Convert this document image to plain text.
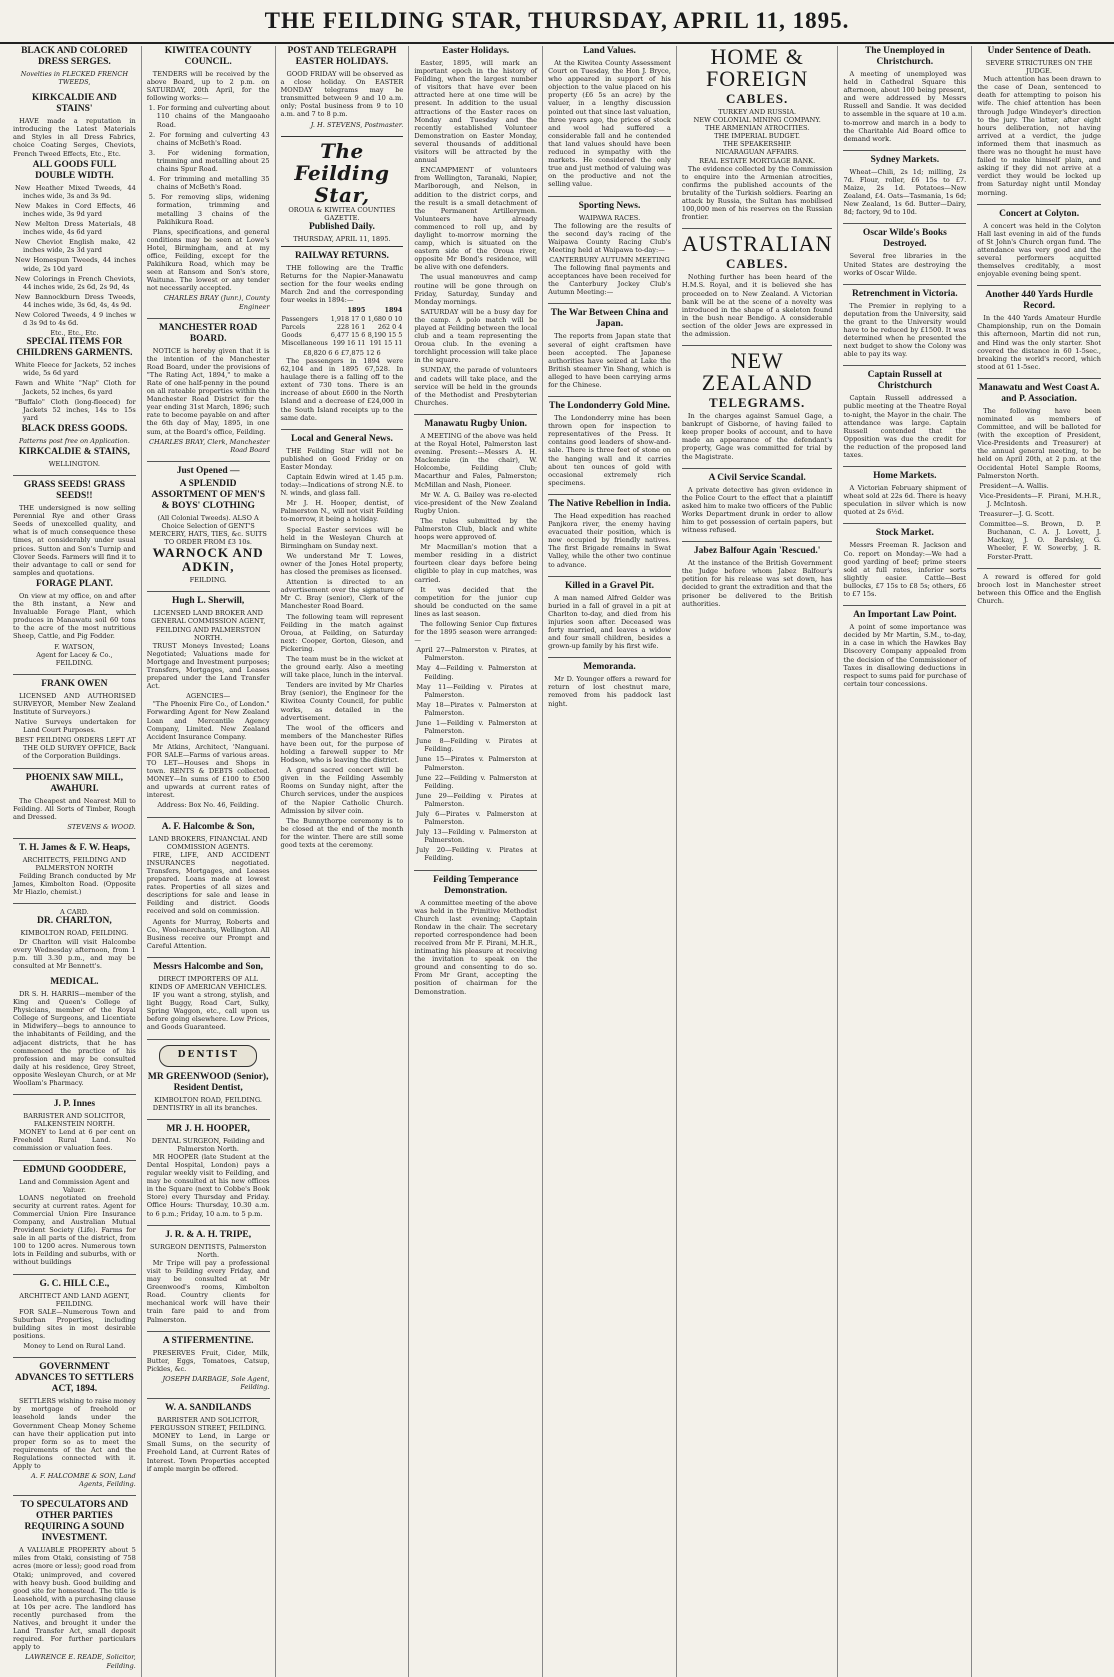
THE FEILDING STAR, THURSDAY, APRIL 11, 1895.
BLACK AND COLORED DRESS SERGES.
Novelties in FLECKED FRENCH TWEEDS,
KIRKCALDIE AND STAINS'

HAVE made a reputation in introducing the Latest Materials and Styles in all Dress Fabrics, choice Coating Serges, Cheviots, French Tweed Effects, Etc., Etc.

ALL GOODS FULL DOUBLE WIDTH.
New Heather Mixed Tweeds, 44 inches wide, 3s and 3s 9d.
New Makes in Cord Effects, 46 inches wide, 3s 9d yard
New Melton Dress Materials, 48 inches wide, 4s 6d yard
New Cheviot English make, 42 inches wide, 2s 3d yard
New Homespun Tweeds, 44 inches wide, 2s 10d yard
New Colorings in French Cheviots, 44 inches wide, 2s 6d, 2s 9d, 4s
New Bannockburn Dress Tweeds, 44 inches wide, 3s 6d, 4s, 4s 9d.
New Colored Tweeds, 4 9 inches w d 3s 9d to 4s 6d.
Etc., Etc., Etc.
SPECIAL ITEMS FOR CHILDRENS GARMENTS.
White Fleece for Jackets, 52 inches wide, 5s 6d yard
Fawn and White "Nap" Cloth for Jackets, 52 inches, 6s yard
"Buffalo" Cloth (long-fleeced) for Jackets 52 inches, 14s to 15s yard
BLACK DRESS GOODS.
Patterns post free on Application.
KIRKCALDIE & STAINS,
WELLINGTON.
GRASS SEEDS! GRASS SEEDS!!

THE undersigned is now selling Perennial Rye and other Grass Seeds of unexcelled quality, and what is of much consequence these times, at considerably under usual prices. Sutton and Son's Turnip and Clover Seeds. Farmers will find it to their advantage to call or send for samples and quotations.

FORAGE PLANT.

On view at my office, on and after the 8th instant, a New and Invaluable Forage Plant, which produces in Manawatu soil 60 tons to the acre of the most nutritious Sheep, Cattle, and Pig Fodder.

F. WATSON,
Agent for Lacey & Co.,
FEILDING.
FRANK OWEN

LICENSED AND AUTHORISED SURVEYOR, Member New Zealand Institute of Surveyors.)

Native Surveys undertaken for Land Court Purposes.
BEST FEILDING ORDERS LEFT AT THE OLD SURVEY OFFICE, Back of the Corporation Buildings.
PHOENIX SAW MILL, AWAHURI.

The Cheapest and Nearest Mill to Feilding. All Sorts of Timber, Rough and Dressed.

STEVENS & WOOD.
T. H. James & F. W. Heaps,
ARCHITECTS, FEILDING AND PALMERSTON NORTH

Feilding Branch conducted by Mr James, Kimbolton Road. (Opposite Mr Hiazlo, chemist.)

A CARD.
DR. CHARLTON,
KIMBOLTON ROAD, FEILDING.

Dr Charlton will visit Halcombe every Wednesday afternoon, from 1 p.m. till 3.30 p.m., and may be consulted at Mr Bennett's.

MEDICAL.

DR S. H. HARRIS—member of the King and Queen's College of Physicians, member of the Royal College of Surgeons, and Licentiate in Midwifery—begs to announce to the inhabitants of Feilding, and the adjacent districts, that he has commenced the practice of his profession and may be consulted daily at his residence, Grey Street, opposite Wesleyan Church, or at Mr Woollam's Pharmacy.

J. P. Innes
BARRISTER AND SOLICITOR, FALKENSTEIN NORTH.

MONEY to Lend at 6 per cent on Freehold Rural Land. No commission or valuation fees.

EDMUND GOODDERE,
Land and Commission Agent and Valuer.

LOANS negotiated on freehold security at current rates. Agent for Commercial Union Fire Insurance Company, and Australian Mutual Provident Society (Life). Farms for sale in all parts of the district, from 100 to 1200 acres. Numerous town lots in Feilding and suburbs, with or without buildings

G. C. HILL C.E.,
ARCHITECT AND LAND AGENT, FEILDING.

FOR SALE—Numerous Town and Suburban Properties, including building sites in most desirable positions.

Money to Lend on Rural Land.
GOVERNMENT ADVANCES TO SETTLERS ACT, 1894.

SETTLERS wishing to raise money by mortgage of freehold or leasehold lands under the Government Cheap Money Scheme can have their application put into proper form so as to meet the requirements of the Act and the Regulations connected with it. Apply to

A. F. HALCOMBE & SON, Land Agents, Feilding.
TO SPECULATORS AND OTHER PARTIES REQUIRING A SOUND INVESTMENT.

A VALUABLE PROPERTY about 5 miles from Otaki, consisting of 758 acres (more or less); good road from Otaki; unimproved, and covered with heavy bush. Good building and good site for homestead. The title is Leasehold, with a purchasing clause at 10s per acre. The landlord has recently purchased from the Natives, and brought it under the Land Transfer Act, small deposit required. For further particulars apply to

LAWRENCE E. READE, Solicitor, Feilding.
KIWITEA COUNTY COUNCIL.

TENDERS will be received by the above Board, up to 2 p.m. on SATURDAY, 20th April, for the following works:—

1. For forming and culverting about 110 chains of the Mangaoaho Road.
2. For forming and culverting 43 chains of McBeth's Road.
3. For widening formation, trimming and metalling about 25 chains Spur Road.
4. For trimming and metalling 35 chains of McBeth's Road.
5. For removing slips, widening formation, trimming and metalling 3 chains of the Pakihikura Road.

Plans, specifications, and general conditions may be seen at Lowe's Hotel, Birmingham, and at my office, Feilding, except for the Pakihikura Road, which may be seen at Ransom and Son's store, Waituna. The lowest or any tender not necessarily accepted.

CHARLES BRAY (Junr.), County Engineer
MANCHESTER ROAD BOARD.

NOTICE is hereby given that it is the intention of the Manchester Road Board, under the provisions of "The Rating Act, 1894," to make a Rate of one half-penny in the pound on all rateable properties within the Manchester Road District for the year ending 31st March, 1896; such rate to become payable on and after the 6th day of May, 1895, in one sum, at the Board's office, Feilding.

CHARLES BRAY, Clerk, Manchester Road Board
Just Opened —
A SPLENDID ASSORTMENT OF MEN'S & BOYS' CLOTHING
(All Colonial Tweeds). ALSO A Choice Selection of GENT'S MERCERY, HATS, TIES, &c. SUITS TO ORDER FROM £3 10s.
WARNOCK AND ADKIN,
FEILDING.
Hugh L. Sherwill,
LICENSED LAND BROKER AND GENERAL COMMISSION AGENT, FEILDING AND PALMERSTON NORTH.

TRUST Moneys Invested; Loans Negotiated; Valuations made for Mortgage and Investment purposes; Transfers, Mortgages, and Leases prepared under the Land Transfer Act.

AGENCIES—

"The Phoenix Fire Co., of London." Forwarding Agent for New Zealand Loan and Mercantile Agency Company, Limited. New Zealand Accident Insurance Company.

Mr Atkins, Architect, 'Nanguani. FOR SALE—Farms of various areas. TO LET—Houses and Shops in town. RENTS & DEBTS collected. MONEY—In sums of £100 to £500 and upwards at current rates of interest.

Address: Box No. 46, Feilding.
A. F. Halcombe & Son,
LAND BROKERS, FINANCIAL AND COMMISSION AGENTS.

FIRE, LIFE, AND ACCIDENT INSURANCES negotiated. Transfers, Mortgages, and Leases prepared. Loans made at lowest rates. Properties of all sizes and descriptions for sale and lease in Feilding and district. Goods received and sold on commission.

Agents for Murray, Roberts and Co., Wool-merchants, Wellington. All Business receive our Prompt and Careful Attention.

Messrs Halcombe and Son,
DIRECT IMPORTERS OF ALL KINDS OF AMERICAN VEHICLES.

IF you want a strong, stylish, and light Buggy, Road Cart, Sulky, Spring Waggon, etc., call upon us before going elsewhere. Low Prices, and Goods Guaranteed.

DENTIST
MR GREENWOOD (Senior), Resident Dentist,
KIMBOLTON ROAD, FEILDING.

DENTISTRY in all its branches.

MR J. H. HOOPER,
DENTAL SURGEON, Feilding and Palmerston North.

MR HOOPER (late Student at the Dental Hospital, London) pays a regular weekly visit to Feilding, and may be consulted at his new offices in the Square (next to Cobbe's Book Store) every Thursday and Friday. Office Hours: Thursday, 10.30 a.m. to 6 p.m.; Friday, 10 a.m. to 5 p.m.

J. R. & A. H. TRIPE,
SURGEON DENTISTS, Palmerston North.

Mr Tripe will pay a professional visit to Feilding every Friday, and may be consulted at Mr Greenwood's rooms, Kimbolton Road. Country clients for mechanical work will have their train fare paid to and from Palmerston.

A STIFERMENTINE.

PRESERVES Fruit, Cider, Milk, Butter, Eggs, Tomatoes, Catsup, Pickles, &c.

JOSEPH DARBAGE, Sole Agent, Feilding.
W. A. SANDILANDS
BARRISTER AND SOLICITOR, FERGUSSON STREET, FEILDING.

MONEY to Lend, in Large or Small Sums, on the security of Freehold Land, at Current Rates of Interest. Town Properties accepted if ample margin be offered.

POST AND TELEGRAPH EASTER HOLIDAYS.

GOOD FRIDAY will be observed as a close holiday. On EASTER MONDAY telegrams may be transmitted between 9 and 10 a.m. only; Postal business from 9 to 10 a.m. and 7 to 8 p.m.

J. H. STEVENS, Postmaster.
The Feilding Star,
OROUA & KIWITEA COUNTIES GAZETTE.
Published Daily.
THURSDAY, APRIL 11, 1895.
RAILWAY RETURNS.

THE following are the Traffic Returns for the Napier-Manawatu section for the four weeks ending March 2nd and the corresponding four weeks in 1894:—

	1895	1894
Passengers	1,918 17 0	1,680 0 10
Parcels	228 16 1	262 0 4
Goods	6,477 15 6	8,190 15 5
Miscellaneous	199 16 11	191 15 11
£8,820 6 6 £7,875 12 6

The passengers in 1894 were 62,104 and in 1895 67,528. In haulage there is a falling off to the extent of 730 tons. There is an increase of about £600 in the North Island and a decrease of £24,000 in the South Island receipts up to the same date.

Local and General News.

THE Feilding Star will not be published on Good Friday or on Easter Monday.

Captain Edwin wired at 1.45 p.m. today:—Indications of strong N.E. to N. winds, and glass fall.

Mr J. H. Hooper, dentist, of Palmerston N., will not visit Feilding to-morrow, it being a holiday.

Special Easter services will be held in the Wesleyan Church at Birmingham on Sunday next.

We understand Mr T. Lowes, owner of the Jones Hotel property, has closed the premises as licensed.

Attention is directed to an advertisement over the signature of Mr C. Bray (senior), Clerk of the Manchester Road Board.

The following team will represent Feilding in the match against Oroua, at Feilding, on Saturday next: Cooper, Gorton, Gieson, and Pickering.

The team must be in the wicket at the ground early. Also a meeting will take place, lunch in the interval.

Tenders are invited by Mr Charles Bray (senior), the Engineer for the Kiwitea County Council, for public works, as detailed in the advertisement.

The wool of the officers and members of the Manchester Rifles have been out, for the purpose of holding a farewell supper to Mr Hodson, who is leaving the district.

A grand sacred concert will be given in the Feilding Assembly Rooms on Sunday night, after the Church services, under the auspices of the Napier Catholic Church. Admission by silver coin.

The Bunnythorpe ceremony is to be closed at the end of the month for the winter. There are still some good texts at the ceremony.

Easter Holidays.

Easter, 1895, will mark an important epoch in the history of Feilding, when the largest number of visitors that have ever been attracted here at one time will be present. In addition to the usual attractions of the Easter races on Monday and Tuesday and the recently established Volunteer Demonstration on Easter Monday, several thousands of additional visitors will be attracted by the annual

ENCAMPMENT of volunteers from Wellington, Taranaki, Napier, Marlborough, and Nelson, in addition to the district corps, and the result is a small detachment of the Permanent Artillerymen. Volunteers have already commenced to roll up, and by daylight to-morrow morning the camp, which is situated on the eastern side of the Oroua river, opposite Mr Bond's residence, will be alive with one defenders.

The usual manœuvres and camp routine will be gone through on Friday, Saturday, Sunday and Monday mornings.

SATURDAY will be a busy day for the camp. A polo match will be played at Feilding between the local club and a team representing the Oroua club. In the evening a torchlight procession will take place in the square.

SUNDAY, the parade of volunteers and cadets will take place, and the service will be held in the grounds of the Methodist and Presbyterian Churches.

Manawatu Rugby Union.

A MEETING of the above was held at the Royal Hotel, Palmerston last evening. Present:—Messrs A. H. Mackenzie (in the chair), W. Holcombe, Feilding Club; Macarthur and Fales, Palmerston; McMillan and Nash, Pioneer.

Mr W. A. G. Bailey was re-elected vice-president of the New Zealand Rugby Union.

The rules submitted by the Palmerston Club, black and white hoops were approved of.

Mr Macmillan's motion that a member residing in a district fourteen clear days before being eligible to play in cup matches, was carried.

It was decided that the competition for the junior cup should be conducted on the same lines as last season.

The following Senior Cup fixtures for the 1895 season were arranged:—

April 27—Palmerston v. Pirates, at Palmerston.
May 4—Feilding v. Palmerston at Feilding.
May 11—Feilding v. Pirates at Palmerston.
May 18—Pirates v. Palmerston at Palmerston.
June 1—Feilding v. Palmerston at Palmerston.
June 8—Feilding v. Pirates at Feilding.
June 15—Pirates v. Palmerston at Palmerston.
June 22—Feilding v. Palmerston at Feilding.
June 29—Feilding v. Pirates at Palmerston.
July 6—Pirates v. Palmerston at Palmerston.
July 13—Feilding v. Palmerston at Palmerston.
July 20—Feilding v. Pirates at Feilding.
Feilding Temperance Demonstration.

A committee meeting of the above was held in the Primitive Methodist Church last evening; Captain Rondaw in the chair. The secretary reported correspondence had been received from Mr F. Pirani, M.H.R., intimating his pleasure at receiving the invitation to speak on the ground and consenting to do so. From Mr Grant, accepting the position of chairman for the Demonstration.

Land Values.

At the Kiwitea County Assessment Court on Tuesday, the Hon J. Bryce, who appeared in support of his objection to the value placed on his property (£6 5s an acre) by the valuer, in a lengthy discussion pointed out that since last valuation, three years ago, the prices of stock and wool had suffered a considerable fall and he contended that land values should have been reduced in sympathy with the markets. He considered the only true and just method of valuing was on the productive and not the selling value.

Sporting News.
WAIPAWA RACES.

The following are the results of the second day's racing of the Waipawa County Racing Club's Meeting held at Waipawa to-day:—

CANTERBURY AUTUMN MEETING

The following final payments and acceptances have been received for the Canterbury Jockey Club's Autumn Meeting:—

The War Between China and Japan.

The reports from Japan state that several of eight craftsmen have been accepted. The Japanese authorities have seized at Lake the British steamer Yin Shang, which is alleged to have been carrying arms for the Chinese.

The Londonderry Gold Mine.

The Londonderry mine has been thrown open for inspection to representatives of the Press. It contains good leaders of show-and-sale. There is three feet of stone on the hanging wall and it carries about ten ounces of gold with occasional extremely rich specimens.

The Native Rebellion in India.

The Head expedition has reached Panjkora river, the enemy having evacuated their position, which is now occupied by friendly natives. The first Brigade remains in Swat Valley, while the other two continue to advance.

Killed in a Gravel Pit.

A man named Alfred Gelder was buried in a fall of gravel in a pit at Charlton to-day, and died from his injuries soon after. Deceased was forty married, and leaves a widow and four small children, besides a grown-up family by his first wife.

Memoranda.

Mr D. Younger offers a reward for return of lost chestnut mare, removed from his paddock last night.

HOME & FOREIGN
CABLES.
TURKEY AND RUSSIA.
NEW COLONIAL MINING COMPANY.
THE ARMENIAN ATROCITIES.
THE IMPERIAL BUDGET.
THE SPEAKERSHIP.
NICARAGUAN AFFAIRS.
REAL ESTATE MORTGAGE BANK.

The evidence collected by the Commission to enquire into the Armenian atrocities, confirms the published accounts of the brutality of the Turkish soldiers. Fearing an attack by Russia, the Sultan has mobilised 100,000 men of his reserves on the Russian frontier.

AUSTRALIAN
CABLES.

Nothing further has been heard of the H.M.S. Royal, and it is believed she has proceeded on to New Zealand. A Victorian bank will be at the scene of a novelty was introduced in the shape of a skeleton found in the bush near Bendigo. A considerable section of the older Jews are expressed in the admission.

NEW ZEALAND
TELEGRAMS.

In the charges against Samuel Gage, a bankrupt of Gisborne, of having failed to keep proper books of account, and to have made an appearance of the defendant's property, Gage was committed for trial by the Magistrate.

A Civil Service Scandal.

A private detective has given evidence in the Police Court to the effect that a plaintiff asked him to make two officers of the Public Works Department drunk in order to allow him to get possession of certain papers, but witness refused.

Jabez Balfour Again 'Rescued.'

At the instance of the British Government the Judge before whom Jabez Balfour's petition for his release was set down, has decided to grant the extradition and that the prisoner be delivered to the British authorities.

The Unemployed in Christchurch.

A meeting of unemployed was held in Cathedral Square this afternoon, about 100 being present, and were addressed by Messrs Russell and Sandie. It was decided to assemble in the square at 10 a.m. to-morrow and march in a body to the Charitable Aid Board office to demand work.

Sydney Markets.

Wheat—Chili, 2s 1d; milling, 2s 7d. Flour, roller, £6 15s to £7. Maize, 2s 1d. Potatoes—New Zealand, £4. Oats—Tasmania, 1s 6d; New Zealand, 1s 6d. Butter—Dairy, 8d; factory, 9d to 10d.

Oscar Wilde's Books Destroyed.

Several free libraries in the United States are destroying the works of Oscar Wilde.

Retrenchment in Victoria.

The Premier in replying to a deputation from the University, said the grant to the University would have to be reduced by £1500. It was determined when he presented the next budget to show the Colony was able to pay its way.

Captain Russell at Christchurch

Captain Russell addressed a public meeting at the Theatre Royal to-night, the Mayor in the chair. The attendance was large. Captain Russell contended that the Opposition was due the credit for the reduction of the proposed land taxes.

Home Markets.

A Victorian February shipment of wheat sold at 22s 6d. There is heavy speculation in silver which is now quoted at 2s 6½d.

Stock Market.

Messrs Freeman R. Jackson and Co. report on Monday:—We had a good yarding of beef; prime steers sold at full rates, inferior sorts slightly easier. Cattle—Best bullocks, £7 15s to £8 5s; others, £6 to £7 15s.

An Important Law Point.

A point of some importance was decided by Mr Martin, S.M., to-day, in a case in which the Hawkes Bay Discovery Company appealed from the decision of the Commissioner of Taxes in disallowing deductions in respect to sums paid for purchase of certain tour concessions.

Under Sentence of Death.
SEVERE STRICTURES ON THE JUDGE.

Much attention has been drawn to the case of Dean, sentenced to death for attempting to poison his wife. The chief attention has been through Judge Windeyer's direction to the jury. The latter, after eight hours deliberation, not having arrived at a verdict, the judge informed them that inasmuch as there was no thought he must have failed to make himself plain, and asking if they did not arrive at a verdict they would be locked up from Saturday night until Monday morning.

Concert at Colyton.

A concert was held in the Colyton Hall last evening in aid of the funds of St John's Church organ fund. The attendance was very good and the several performers acquitted themselves creditably, a most enjoyable evening being spent.

Another 440 Yards Hurdle Record.

In the 440 Yards Amateur Hurdle Championship, run on the Domain this afternoon, Martin did not run, and Hind was the only starter. Shot covered the distance in 60 1-5sec., breaking the world's record, which stood at 61 1-5sec.

Manawatu and West Coast A. and P. Association.

The following have been nominated as members of Committee, and will be balloted for (with the exception of President, Vice-Presidents and Treasurer) at the annual general meeting, to be held on April 20th, at 2 p.m. at the Occidental Hotel Sample Rooms, Palmerston North.

President—A. Wallis.
Vice-Presidents—F. Pirani, M.H.R., J. McIntosh.
Treasurer—J. G. Scott.
Committee—S. Brown, D. P. Buchanan, C. A. J. Lovett, J. Mackay, J. O. Bardsley, G. Wheeler, F. W. Sowerby, J. R. Forster-Pratt.

A reward is offered for gold brooch lost in Manchester street between this Office and the English Church.
